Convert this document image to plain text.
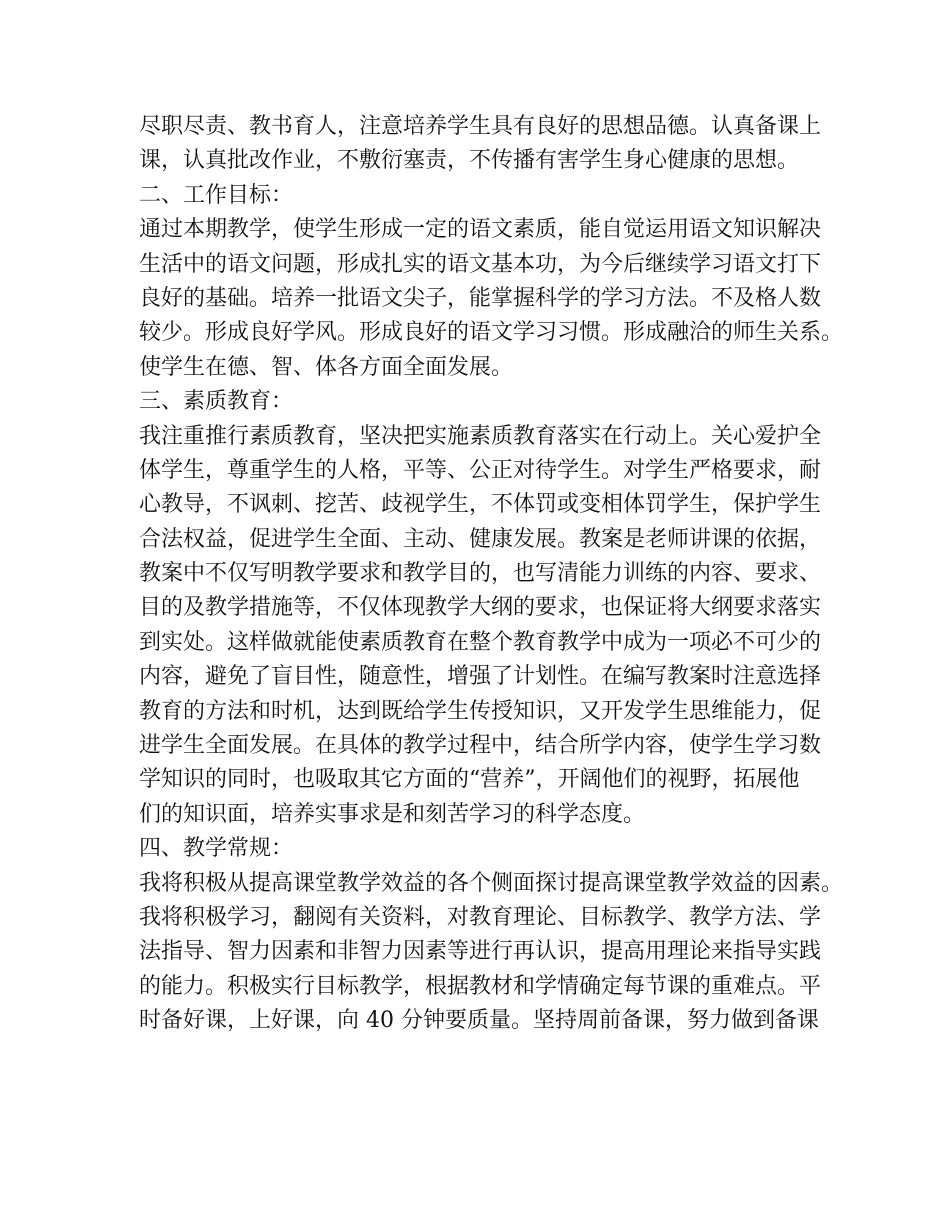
尽职尽责、教书育人，注意培养学生具有良好的思想品德。认真备课上
课，认真批改作业，不敷衍塞责，不传播有害学生身心健康的思想。
二、工作目标：
通过本期教学，使学生形成一定的语文素质，能自觉运用语文知识解决
生活中的语文问题，形成扎实的语文基本功，为今后继续学习语文打下
良好的基础。培养一批语文尖子，能掌握科学的学习方法。不及格人数
较少。形成良好学风。形成良好的语文学习习惯。形成融洽的师生关系。
使学生在德、智、体各方面全面发展。
三、素质教育：
我注重推行素质教育，坚决把实施素质教育落实在行动上。关心爱护全
体学生，尊重学生的人格，平等、公正对待学生。对学生严格要求，耐
心教导，不讽刺、挖苦、歧视学生，不体罚或变相体罚学生，保护学生
合法权益，促进学生全面、主动、健康发展。教案是老师讲课的依据，
教案中不仅写明教学要求和教学目的，也写清能力训练的内容、要求、
目的及教学措施等，不仅体现教学大纲的要求，也保证将大纲要求落实
到实处。这样做就能使素质教育在整个教育教学中成为一项必不可少的
内容，避免了盲目性，随意性，增强了计划性。在编写教案时注意选择
教育的方法和时机，达到既给学生传授知识，又开发学生思维能力，促
进学生全面发展。在具体的教学过程中，结合所学内容，使学生学习数
学知识的同时，也吸取其它方面的“营养”，开阔他们的视野，拓展他
们的知识面，培养实事求是和刻苦学习的科学态度。
四、教学常规：
我将积极从提高课堂教学效益的各个侧面探讨提高课堂教学效益的因素。
我将积极学习，翻阅有关资料，对教育理论、目标教学、教学方法、学
法指导、智力因素和非智力因素等进行再认识，提高用理论来指导实践
的能力。积极实行目标教学，根据教材和学情确定每节课的重难点。平
时备好课，上好课，向 40 分钟要质量。坚持周前备课，努力做到备课
